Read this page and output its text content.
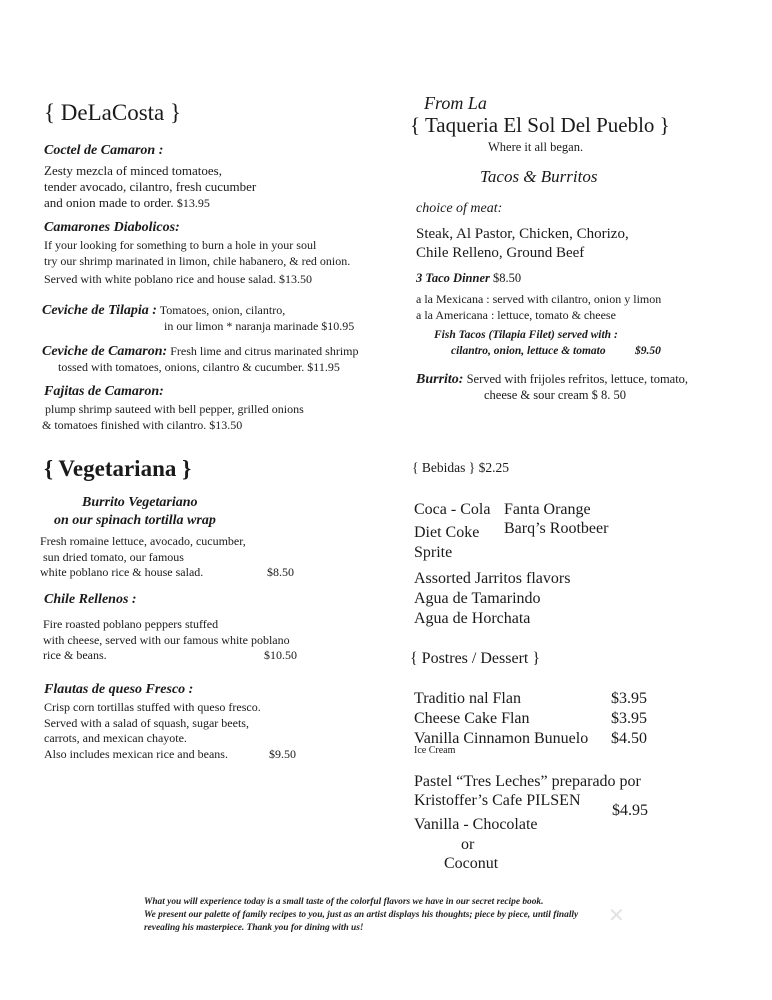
{ DeLaCosta }
Coctel de Camaron :
Zesty mezcla of minced tomatoes,
tender avocado, cilantro, fresh cucumber
and onion made to order. $13.95
Camarones Diabolicos:
If your looking for something to burn a hole in your soul
try our shrimp marinated in limon, chile habanero, & red onion.
Served with white poblano rice and house salad. $13.50
Ceviche de Tilapia : Tomatoes, onion, cilantro,
in our limon * naranja marinade $10.95
Ceviche de Camaron: Fresh lime and citrus marinated shrimp
tossed with tomatoes, onions, cilantro & cucumber. $11.95
Fajitas de Camaron:
plump shrimp sauteed with bell pepper, grilled onions
& tomatoes finished with cilantro. $13.50
From La
{ Taqueria El Sol Del Pueblo }
Where it all began.
Tacos & Burritos
choice of meat:
Steak, Al Pastor, Chicken, Chorizo,
Chile Relleno, Ground Beef
3 Taco Dinner $8.50
a la Mexicana : served with cilantro, onion y limon
a la Americana : lettuce, tomato & cheese
Fish Tacos (Tilapia Filet) served with :
cilantro, onion, lettuce & tomato	$9.50
Burrito: Served with frijoles refritos, lettuce, tomato,
cheese & sour cream $ 8. 50
{ Vegetariana }
Burrito Vegetariano
on our spinach tortilla wrap
Fresh romaine lettuce, avocado, cucumber,
sun dried tomato, our famous
white poblano rice & house salad.	$8.50
Chile Rellenos :
Fire roasted poblano peppers stuffed
with cheese, served with our famous white poblano
rice & beans.	$10.50
Flautas de queso Fresco :
Crisp corn tortillas stuffed with queso fresco.
Served with a salad of squash, sugar beets,
carrots, and mexican chayote.
Also includes mexican rice and beans.	$9.50
{ Bebidas } $2.25
Coca - Cola Fanta Orange
Diet Coke Barq’s Rootbeer
Sprite
Assorted Jarritos flavors
Agua de Tamarindo
Agua de Horchata
{ Postres / Dessert }
Traditio nal Flan	$3.95
Cheese Cake Flan	$3.95
Vanilla Cinnamon Bunuelo $4.50
Ice Cream
Pastel “Tres Leches” preparado por
Kristoffer’s Cafe PILSEN
$4.95
Vanilla - Chocolate
or
Coconut
What you will experience today is a small taste of the colorful flavors we have in our secret recipe book.
We present our palette of family recipes to you, just as an artist displays his thoughts; piece by piece, until finally
revealing his masterpiece. Thank you for dining with us!
✕
